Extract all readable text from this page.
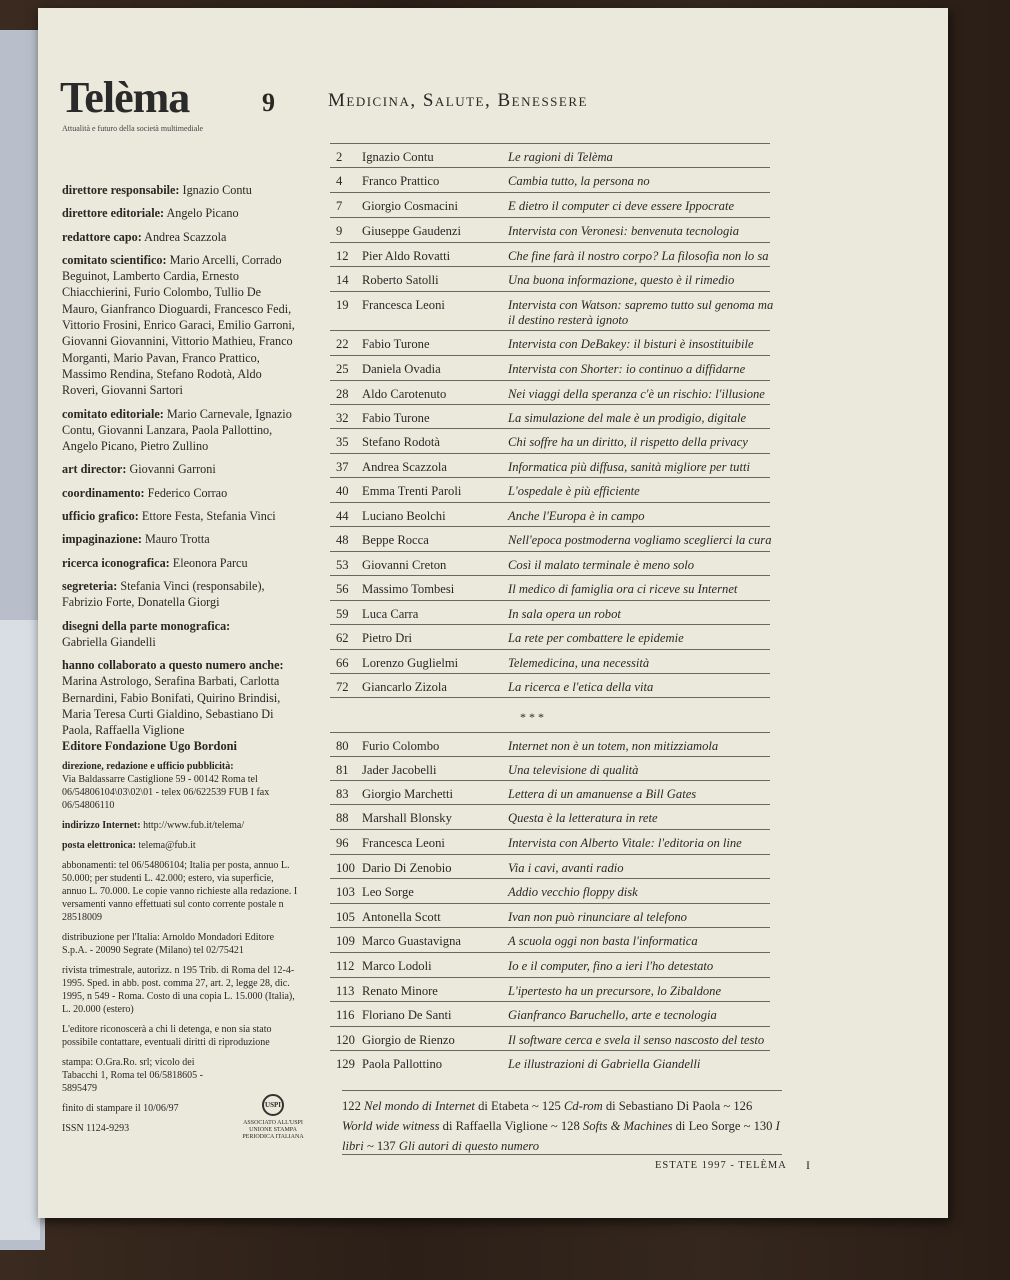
Telèma
Attualità e futuro della società multimediale
9	Medicina, Salute, Benessere

direttore responsabile: Ignazio Contu

direttore editoriale: Angelo Picano

redattore capo: Andrea Scazzola

comitato scientifico: Mario Arcelli, Corrado Beguinot, Lamberto Cardia, Ernesto Chiacchierini, Furio Colombo, Tullio De Mauro, Gianfranco Dioguardi, Francesco Fedi, Vittorio Frosini, Enrico Garaci, Emilio Garroni, Giovanni Giovannini, Vittorio Mathieu, Franco Morganti, Mario Pavan, Franco Prattico, Massimo Rendina, Stefano Rodotà, Aldo Roveri, Giovanni Sartori

comitato editoriale: Mario Carnevale, Ignazio Contu, Giovanni Lanzara, Paola Pallottino, Angelo Picano, Pietro Zullino

art director: Giovanni Garroni

coordinamento: Federico Corrao

ufficio grafico: Ettore Festa, Stefania Vinci

impaginazione: Mauro Trotta

ricerca iconografica: Eleonora Parcu

segreteria: Stefania Vinci (responsabile), Fabrizio Forte, Donatella Giorgi

disegni della parte monografica:
Gabriella Giandelli

hanno collaborato a questo numero anche:
Marina Astrologo, Serafina Barbati, Carlotta Bernardini, Fabio Bonifati, Quirino Brindisi, Maria Teresa Curti Gialdino, Sebastiano Di Paola, Raffaella Viglione

Editore Fondazione Ugo Bordoni

direzione, redazione e ufficio pubblicità:
Via Baldassarre Castiglione 59 - 00142 Roma tel 06/54806104\03\02\01 - telex 06/622539 FUB I fax 06/54806110

indirizzo Internet: http://www.fub.it/telema/

posta elettronica: telema@fub.it

abbonamenti: tel 06/54806104; Italia per posta, annuo L. 50.000; per studenti L. 42.000; estero, via superficie, annuo L. 70.000. Le copie vanno richieste alla redazione. I versamenti vanno effettuati sul conto corrente postale n 28518009

distribuzione per l'Italia: Arnoldo Mondadori Editore S.p.A. - 20090 Segrate (Milano) tel 02/75421

rivista trimestrale, autorizz. n 195 Trib. di Roma del 12-4-1995. Sped. in abb. post. comma 27, art. 2, legge 28, dic. 1995, n 549 - Roma. Costo di una copia L. 15.000 (Italia), L. 20.000 (estero)

L'editore riconoscerà a chi li detenga, e non sia stato possibile contattare, eventuali diritti di riproduzione

stampa: O.Gra.Ro. srl; vicolo dei Tabacchi 1, Roma tel 06/5818605 - 5895479

finito di stampare il 10/06/97

ISSN 1124-9293

USPI
ASSOCIATO ALL'USPI UNIONE STAMPA PERIODICA ITALIANA
2 Ignazio Contu	Le ragioni di Telèma
4 Franco Prattico	Cambia tutto, la persona no
7 Giorgio Cosmacini	E dietro il computer ci deve essere Ippocrate
9 Giuseppe Gaudenzi	Intervista con Veronesi: benvenuta tecnologia
12 Pier Aldo Rovatti	Che fine farà il nostro corpo? La filosofia non lo sa
14 Roberto Satolli	Una buona informazione, questo è il rimedio
19 Francesca Leoni	Intervista con Watson: sapremo tutto sul genoma ma il destino resterà ignoto
22 Fabio Turone	Intervista con DeBakey: il bisturi è insostituibile
25 Daniela Ovadia	Intervista con Shorter: io continuo a diffidarne
28 Aldo Carotenuto	Nei viaggi della speranza c'è un rischio: l'illusione
32 Fabio Turone	La simulazione del male è un prodigio, digitale
35 Stefano Rodotà	Chi soffre ha un diritto, il rispetto della privacy
37 Andrea Scazzola	Informatica più diffusa, sanità migliore per tutti
40 Emma Trenti Paroli	L'ospedale è più efficiente
44 Luciano Beolchi	Anche l'Europa è in campo
48 Beppe Rocca	Nell'epoca postmoderna vogliamo sceglierci la cura
53 Giovanni Creton	Così il malato terminale è meno solo
56 Massimo Tombesi	Il medico di famiglia ora ci riceve su Internet
59 Luca Carra	In sala opera un robot
62 Pietro Dri	La rete per combattere le epidemie
66 Lorenzo Guglielmi	Telemedicina, una necessità
72 Giancarlo Zizola	La ricerca e l'etica della vita
* * *
80 Furio Colombo	Internet non è un totem, non mitizziamola
81 Jader Jacobelli	Una televisione di qualità
83 Giorgio Marchetti	Lettera di un amanuense a Bill Gates
88 Marshall Blonsky	Questa è la letteratura in rete
96 Francesca Leoni	Intervista con Alberto Vitale: l'editoria on line
100 Dario Di Zenobio	Via i cavi, avanti radio
103 Leo Sorge	Addio vecchio floppy disk
105 Antonella Scott	Ivan non può rinunciare al telefono
109 Marco Guastavigna	A scuola oggi non basta l'informatica
112 Marco Lodoli	Io e il computer, fino a ieri l'ho detestato
113 Renato Minore	L'ipertesto ha un precursore, lo Zibaldone
116 Floriano De Santi	Gianfranco Baruchello, arte e tecnologia
120 Giorgio de Rienzo	Il software cerca e svela il senso nascosto del testo
129 Paola Pallottino	Le illustrazioni di Gabriella Giandelli
122 Nel mondo di Internet di Etabeta ~ 125 Cd-rom di Sebastiano Di Paola ~ 126 World wide witness di Raffaella Viglione ~ 128 Softs & Machines di Leo Sorge ~ 130 I libri ~ 137 Gli autori di questo numero
ESTATE 1997 - TELÈMA I
